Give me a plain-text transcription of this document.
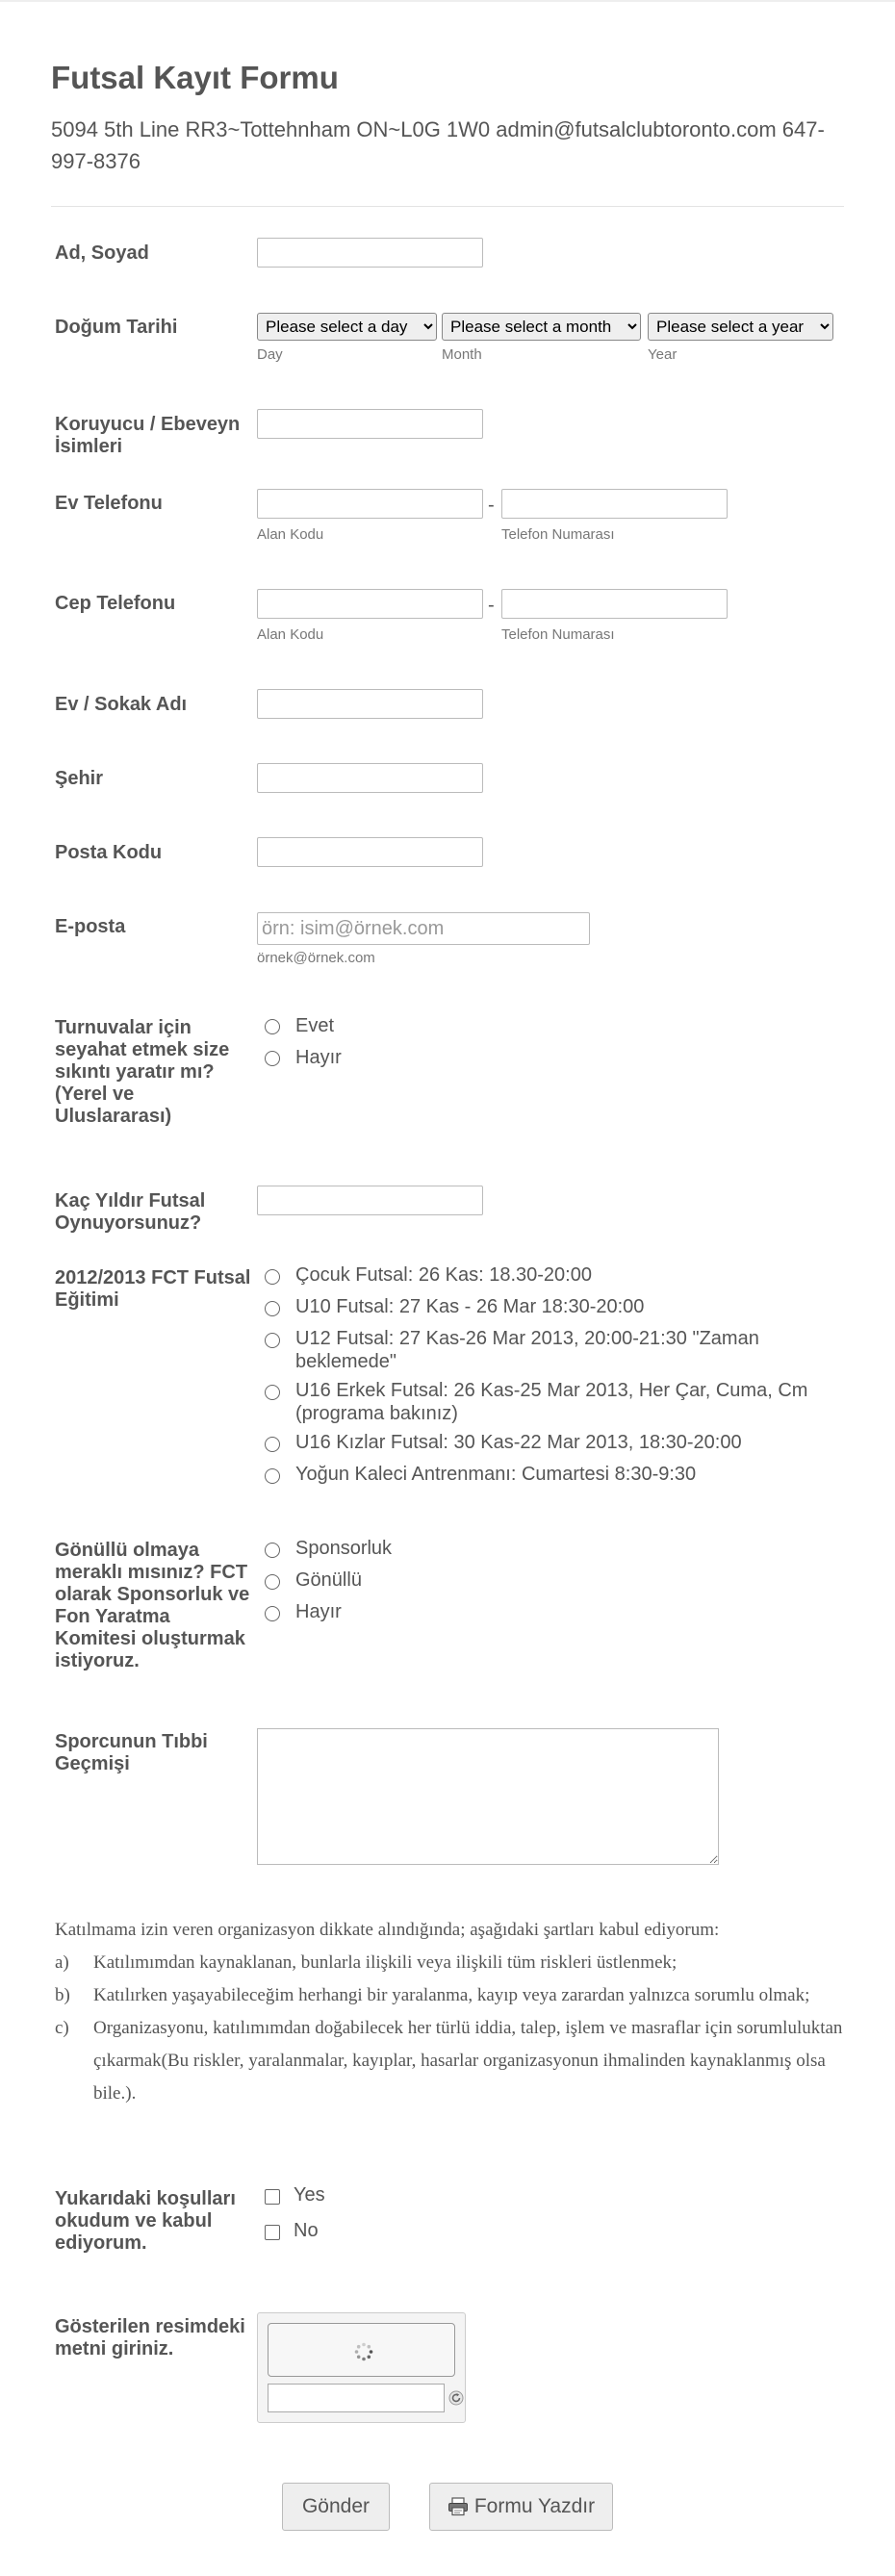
Futsal Kayıt Formu
5094 5th Line RR3~Tottehnham ON~L0G 1W0 admin@futsalclubtoronto.com 647-997-8376
Ad, Soyad
Doğum Tarihi
Please select a day
Please select a month
Please select a year
Day	Month	Year
Koruyucu / Ebeveyn İsimleri
Ev Telefonu	-
Alan Kodu	Telefon Numarası
Cep Telefonu	-
Alan Kodu	Telefon Numarası
Ev / Sokak Adı
Şehir
Posta Kodu
E-posta
örn: isim@örnek.com
örnek@örnek.com
Turnuvalar için seyahat etmek size sıkıntı yaratır mı? (Yerel ve Uluslararası)
Evet
Hayır
Kaç Yıldır Futsal Oynuyorsunuz?
2012/2013 FCT Futsal Eğitimi
Çocuk Futsal: 26 Kas: 18.30-20:00
U10 Futsal: 27 Kas - 26 Mar 18:30-20:00
U12 Futsal: 27 Kas-26 Mar 2013, 20:00-21:30 "Zaman beklemede"
U16 Erkek Futsal: 26 Kas-25 Mar 2013, Her Çar, Cuma, Cm (programa bakınız)
U16 Kızlar Futsal: 30 Kas-22 Mar 2013, 18:30-20:00
Yoğun Kaleci Antrenmanı: Cumartesi 8:30-9:30
Gönüllü olmaya meraklı mısınız? FCT olarak Sponsorluk ve Fon Yaratma Komitesi oluşturmak istiyoruz.
Sponsorluk
Gönüllü
Hayır
Sporcunun Tıbbi Geçmişi
Katılmama izin veren organizasyon dikkate alındığında; aşağıdaki şartları kabul ediyorum:
a)	Katılımımdan kaynaklanan, bunlarla ilişkili veya ilişkili tüm riskleri üstlenmek;
b)	Katılırken yaşayabileceğim herhangi bir yaralanma, kayıp veya zarardan yalnızca sorumlu olmak;
c)	Organizasyonu, katılımımdan doğabilecek her türlü iddia, talep, işlem ve masraflar için sorumluluktan çıkarmak(Bu riskler, yaralanmalar, kayıplar, hasarlar organizasyonun ihmalinden kaynaklanmış olsa bile.).
Yukarıdaki koşulları okudum ve kabul ediyorum.
Yes
No
Gösterilen resimdeki metni giriniz.
Gönder	Formu Yazdır
